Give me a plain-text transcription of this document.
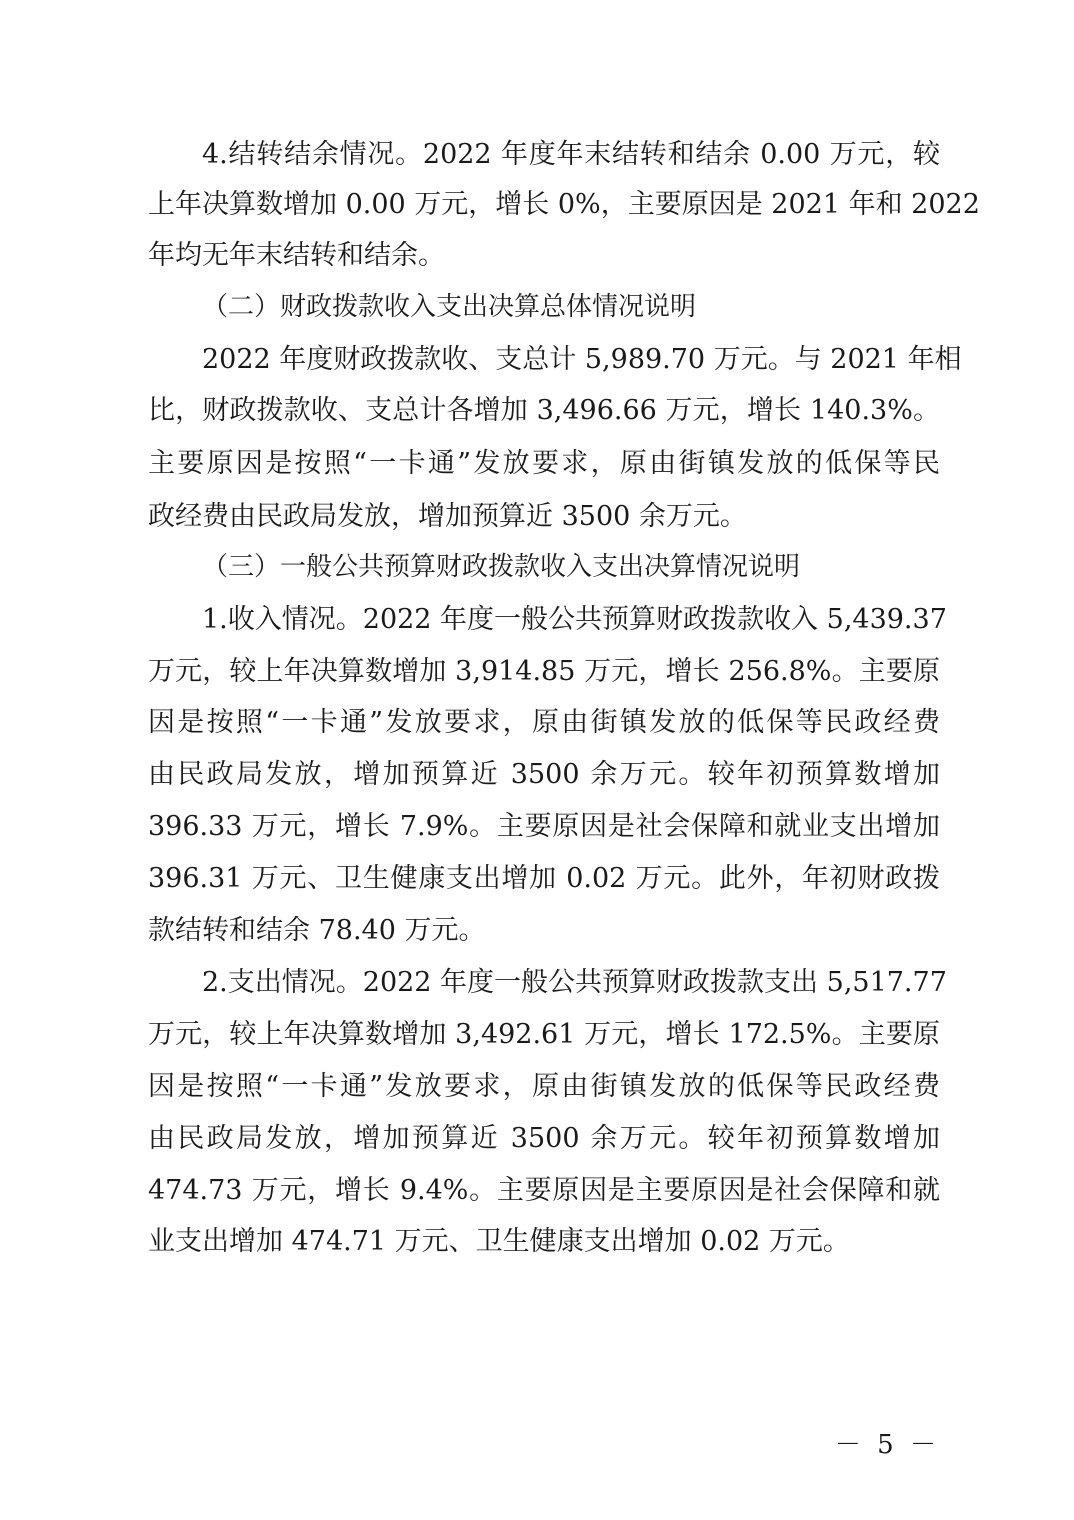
4.结转结余情况。2022 年度年末结转和结余 0.00 万元，较
上年决算数增加 0.00 万元，增长 0%，主要原因是 2021 年和 2022
年均无年末结转和结余。
（二）财政拨款收入支出决算总体情况说明
2022 年度财政拨款收、支总计 5,989.70 万元。与 2021 年相
比，财政拨款收、支总计各增加 3,496.66 万元，增长 140.3%。
主要原因是按照“一卡通”发放要求，原由街镇发放的低保等民
政经费由民政局发放，增加预算近 3500 余万元。
（三）一般公共预算财政拨款收入支出决算情况说明
1.收入情况。2022 年度一般公共预算财政拨款收入 5,439.37
万元，较上年决算数增加 3,914.85 万元，增长 256.8%。主要原
因是按照“一卡通”发放要求，原由街镇发放的低保等民政经费
由民政局发放，增加预算近 3500 余万元。较年初预算数增加
396.33 万元，增长 7.9%。主要原因是社会保障和就业支出增加
396.31 万元、卫生健康支出增加 0.02 万元。此外，年初财政拨
款结转和结余 78.40 万元。
2.支出情况。2022 年度一般公共预算财政拨款支出 5,517.77
万元，较上年决算数增加 3,492.61 万元，增长 172.5%。主要原
因是按照“一卡通”发放要求，原由街镇发放的低保等民政经费
由民政局发放，增加预算近 3500 余万元。较年初预算数增加
474.73 万元，增长 9.4%。主要原因是主要原因是社会保障和就
业支出增加 474.71 万元、卫生健康支出增加 0.02 万元。
－ 5 －
